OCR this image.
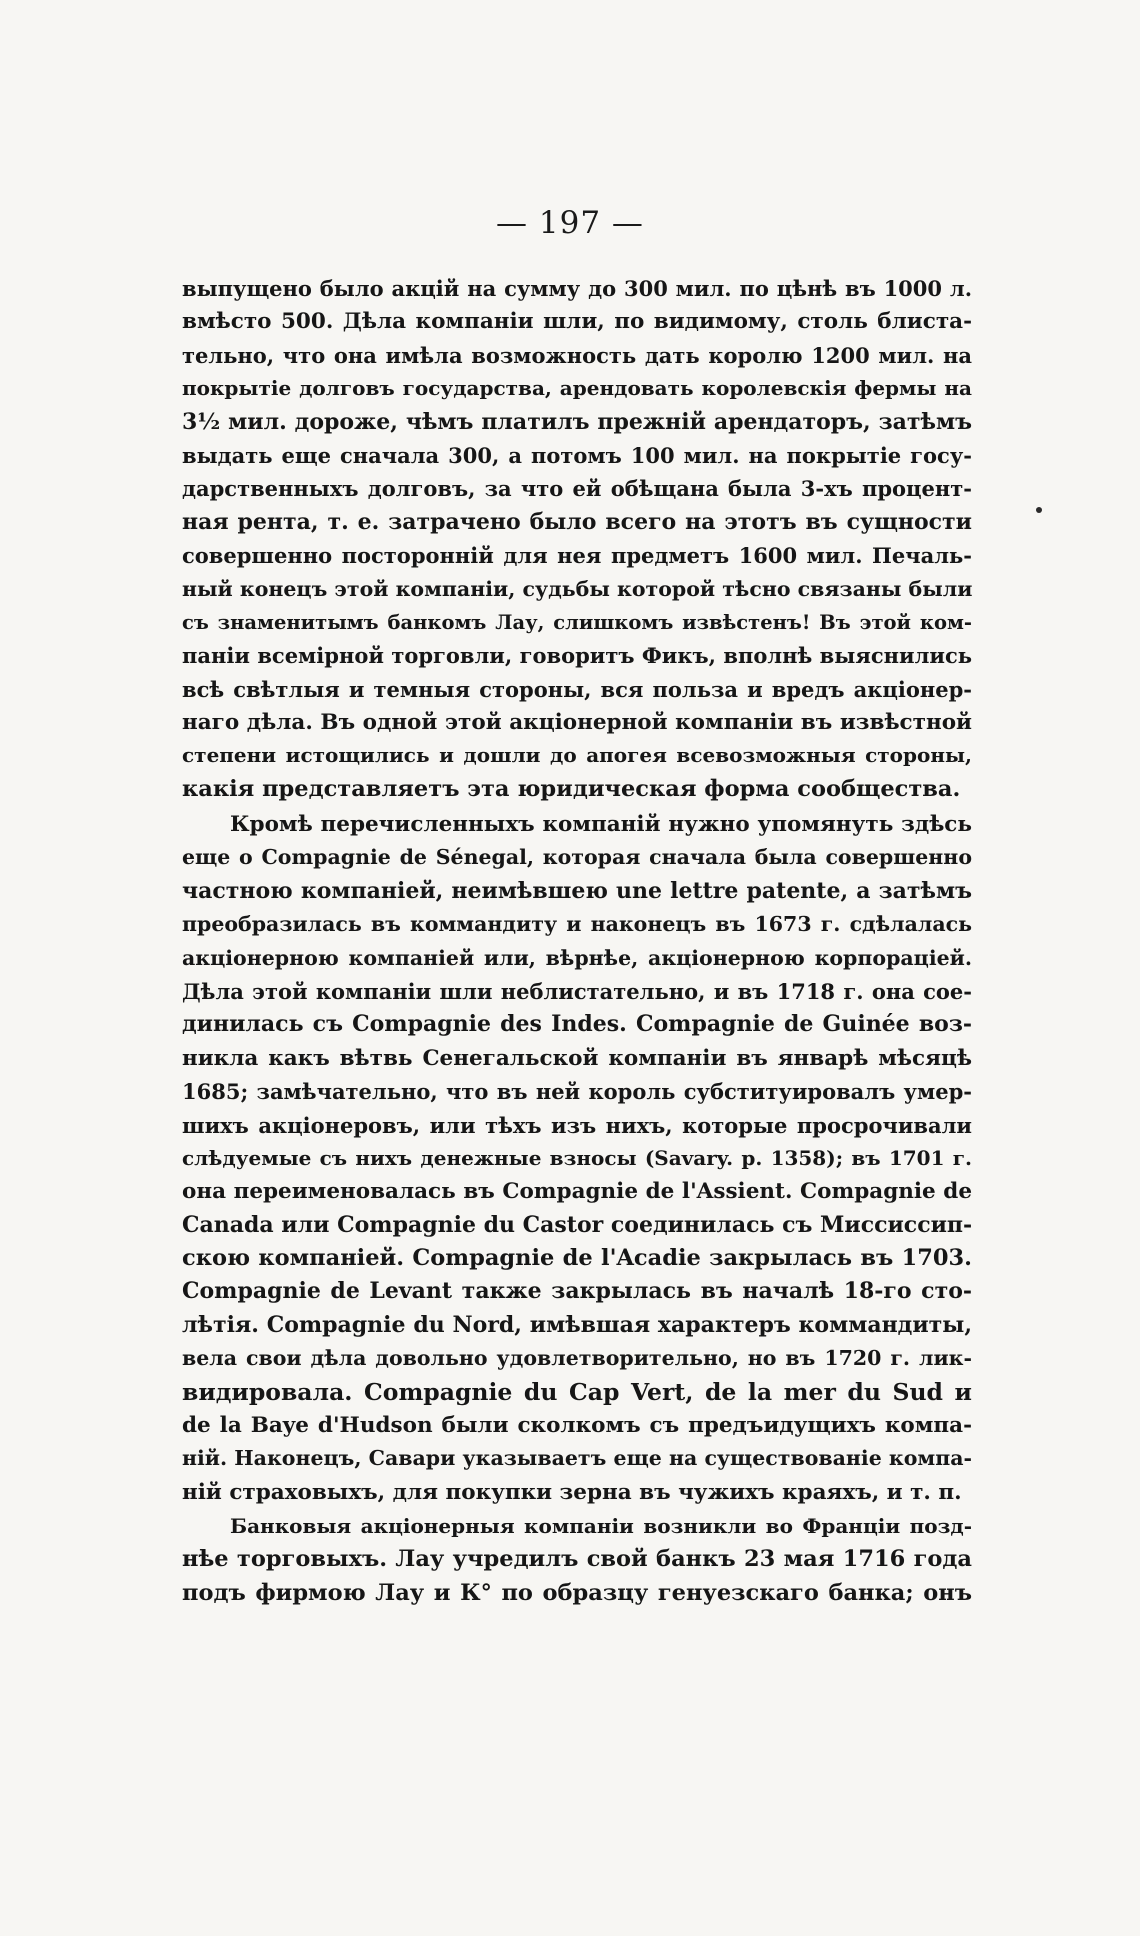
— 197 —
выпущено было акцій на сумму до 300 мил. по цѣнѣ въ 1000 л.
вмѣсто 500. Дѣла компаніи шли, по видимому, столь блиста-
тельно, что она имѣла возможность дать королю 1200 мил. на
покрытіе долговъ государства, арендовать королевскія фермы на
3½ мил. дороже, чѣмъ платилъ прежній арендаторъ, затѣмъ
выдать еще сначала 300, а потомъ 100 мил. на покрытіе госу-
дарственныхъ долговъ, за что ей обѣщана была 3-хъ процент-
ная рента, т. е. затрачено было всего на этотъ въ сущности
совершенно посторонній для нея предметъ 1600 мил. Печаль-
ный конецъ этой компаніи, судьбы которой тѣсно связаны были
съ знаменитымъ банкомъ Лау, слишкомъ извѣстенъ! Въ этой ком-
паніи всемірной торговли, говоритъ Фикъ, вполнѣ выяснились
всѣ свѣтлыя и темныя стороны, вся польза и вредъ акціонер-
наго дѣла. Въ одной этой акціонерной компаніи въ извѣстной
степени истощились и дошли до апогея всевозможныя стороны,
какія представляетъ эта юридическая форма сообщества.
Кромѣ перечисленныхъ компаній нужно упомянуть здѣсь
еще о Compagnie de Sénegal, которая сначала была совершенно
частною компаніей, неимѣвшею une lettre patente, а затѣмъ
преобразилась въ коммандиту и наконецъ въ 1673 г. сдѣлалась
акціонерною компаніей или, вѣрнѣе, акціонерною корпораціей.
Дѣла этой компаніи шли неблистательно, и въ 1718 г. она сое-
динилась съ Compagnie des Indes. Compagnie de Guinée воз-
никла какъ вѣтвь Сенегальской компаніи въ январѣ мѣсяцѣ
1685; замѣчательно, что въ ней король субституировалъ умер-
шихъ акціонеровъ, или тѣхъ изъ нихъ, которые просрочивали
слѣдуемые съ нихъ денежные взносы (Savary. p. 1358); въ 1701 г.
она переименовалась въ Compagnie de l'Assient. Compagnie de
Canada или Compagnie du Castor соединилась съ Миссиссип-
скою компаніей. Compagnie de l'Acadie закрылась въ 1703.
Compagnie de Levant также закрылась въ началѣ 18-го сто-
лѣтія. Compagnie du Nord, имѣвшая характеръ коммандиты,
вела свои дѣла довольно удовлетворительно, но въ 1720 г. лик-
видировала. Compagnie du Cap Vert, de la mer du Sud и
de la Baye d'Hudson были сколкомъ съ предъидущихъ компа-
ній. Наконецъ, Савари указываетъ еще на существованіе компа-
ній страховыхъ, для покупки зерна въ чужихъ краяхъ, и т. п.
Банковыя акціонерныя компаніи возникли во Франціи позд-
нѣе торговыхъ. Лау учредилъ свой банкъ 23 мая 1716 года
подъ фирмою Лау и К° по образцу генуезскаго банка; онъ
